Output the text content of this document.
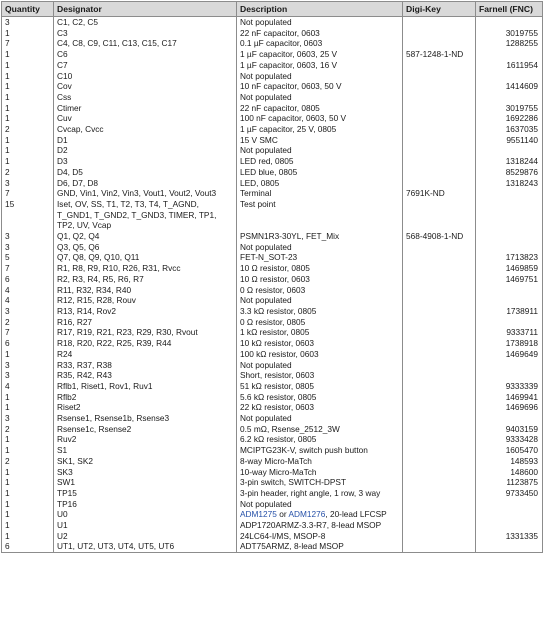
Quantity	Designator	Description	Digi-Key	Farnell (FNC)
3	C1, C2, C5	Not populated		
1	C3	22 nF capacitor, 0603		3019755
7	C4, C8, C9, C11, C13, C15, C17	0.1 µF capacitor, 0603		1288255
1	C6	1 µF capacitor, 0603, 25 V	587-1248-1-ND	
1	C7	1 µF capacitor, 0603, 16 V		1611954
1	C10	Not populated		
1	Cov	10 nF capacitor, 0603, 50 V		1414609
1	Css	Not populated		
1	Ctimer	22 nF capacitor, 0805		3019755
1	Cuv	100 nF capacitor, 0603, 50 V		1692286
2	Cvcap, Cvcc	1 µF capacitor, 25 V, 0805		1637035
1	D1	15 V SMC		9551140
1	D2	Not populated		
1	D3	LED red, 0805		1318244
2	D4, D5	LED blue, 0805		8529876
3	D6, D7, D8	LED, 0805		1318243
7	GND, Vin1, Vin2, Vin3, Vout1, Vout2, Vout3	Terminal	7691K-ND	
15	Iset, OV, SS, T1, T2, T3, T4, T_AGND, T_GND1, T_GND2, T_GND3, TIMER, TP1, TP2, UV, Vcap	Test point		
3	Q1, Q2, Q4	PSMN1R3-30YL, FET_Mix	568-4908-1-ND	
3	Q3, Q5, Q6	Not populated		
5	Q7, Q8, Q9, Q10, Q11	FET-N_SOT-23		1713823
7	R1, R8, R9, R10, R26, R31, Rvcc	10 Ω resistor, 0805		1469859
6	R2, R3, R4, R5, R6, R7	10 Ω resistor, 0603		1469751
4	R11, R32, R34, R40	0 Ω resistor, 0603		
4	R12, R15, R28, Rouv	Not populated		
3	R13, R14, Rov2	3.3 kΩ resistor, 0805		1738911
2	R16, R27	0 Ω resistor, 0805		
7	R17, R19, R21, R23, R29, R30, Rvout	1 kΩ resistor, 0805		9333711
6	R18, R20, R22, R25, R39, R44	10 kΩ resistor, 0603		1738918
1	R24	100 kΩ resistor, 0603		1469649
3	R33, R37, R38	Not populated		
3	R35, R42, R43	Short, resistor, 0603		
4	Rflb1, Riset1, Rov1, Ruv1	51 kΩ resistor, 0805		9333339
1	Rflb2	5.6 kΩ resistor, 0805		1469941
1	Riset2	22 kΩ resistor, 0603		1469696
3	Rsense1, Rsense1b, Rsense3	Not populated		
2	Rsense1c, Rsense2	0.5 mΩ, Rsense_2512_3W		9403159
1	Ruv2	6.2 kΩ resistor, 0805		9333428
1	S1	MCIPTG23K-V, switch push button		1605470
2	SK1, SK2	8-way Micro-MaTch		148593
1	SK3	10-way Micro-MaTch		148600
1	SW1	3-pin switch, SWITCH-DPST		1123875
1	TP15	3-pin header, right angle, 1 row, 3 way		9733450
1	TP16	Not populated		
1	U0	ADM1275 or ADM1276, 20-lead LFCSP		
1	U1	ADP1720ARMZ-3.3-R7, 8-lead MSOP		
1	U2	24LC64-I/MS, MSOP-8		1331335
6	UT1, UT2, UT3, UT4, UT5, UT6	ADT75ARMZ, 8-lead MSOP		
